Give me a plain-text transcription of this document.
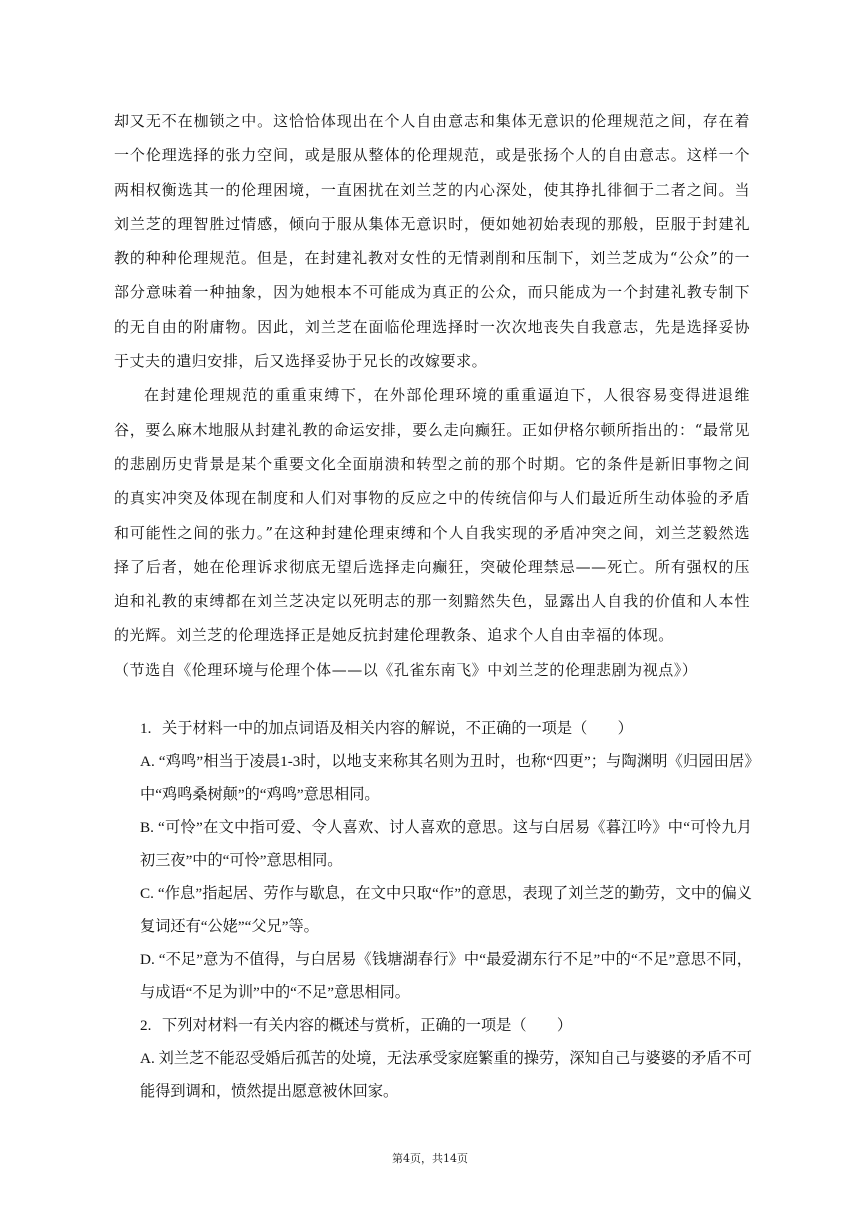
却又无不在枷锁之中。这恰恰体现出在个人自由意志和集体无意识的伦理规范之间，存在着一个伦理选择的张力空间，或是服从整体的伦理规范，或是张扬个人的自由意志。这样一个两相权衡选其一的伦理困境，一直困扰在刘兰芝的内心深处，使其挣扎徘徊于二者之间。当刘兰芝的理智胜过情感，倾向于服从集体无意识时，便如她初始表现的那般，臣服于封建礼教的种种伦理规范。但是，在封建礼教对女性的无情剥削和压制下，刘兰芝成为“公众”的一部分意味着一种抽象，因为她根本不可能成为真正的公众，而只能成为一个封建礼教专制下的无自由的附庸物。因此，刘兰芝在面临伦理选择时一次次地丧失自我意志，先是选择妥协于丈夫的遣归安排，后又选择妥协于兄长的改嫁要求。

在封建伦理规范的重重束缚下，在外部伦理环境的重重逼迫下，人很容易变得进退维谷，要么麻木地服从封建礼教的命运安排，要么走向癫狂。正如伊格尔顿所指出的：“最常见的悲剧历史背景是某个重要文化全面崩溃和转型之前的那个时期。它的条件是新旧事物之间的真实冲突及体现在制度和人们对事物的反应之中的传统信仰与人们最近所生动体验的矛盾和可能性之间的张力。”在这种封建伦理束缚和个人自我实现的矛盾冲突之间，刘兰芝毅然选择了后者，她在伦理诉求彻底无望后选择走向癫狂，突破伦理禁忌——死亡。所有强权的压迫和礼教的束缚都在刘兰芝决定以死明志的那一刻黯然失色，显露出人自我的价值和人本性的光辉。刘兰芝的伦理选择正是她反抗封建伦理教条、追求个人自由幸福的体现。

（节选自《伦理环境与伦理个体——以《孔雀东南飞》中刘兰芝的伦理悲剧为视点》）

1. 关于材料一中的加点词语及相关内容的解说，不正确的一项是（　　）

A. “鸡鸣”相当于凌晨1-3时，以地支来称其名则为丑时，也称“四更”；与陶渊明《归园田居》中“鸡鸣桑树颠”的“鸡鸣”意思相同。

B. “可怜”在文中指可爱、令人喜欢、讨人喜欢的意思。这与白居易《暮江吟》中“可怜九月初三夜”中的“可怜”意思相同。

C. “作息”指起居、劳作与歇息，在文中只取“作”的意思，表现了刘兰芝的勤劳，文中的偏义复词还有“公姥”“父兄”等。

D. “不足”意为不值得，与白居易《钱塘湖春行》中“最爱湖东行不足”中的“不足”意思不同，与成语“不足为训”中的“不足”意思相同。

2. 下列对材料一有关内容的概述与赏析，正确的一项是（　　）

A. 刘兰芝不能忍受婚后孤苦的处境，无法承受家庭繁重的操劳，深知自己与婆婆的矛盾不可能得到调和，愤然提出愿意被休回家。

第4页，共14页
